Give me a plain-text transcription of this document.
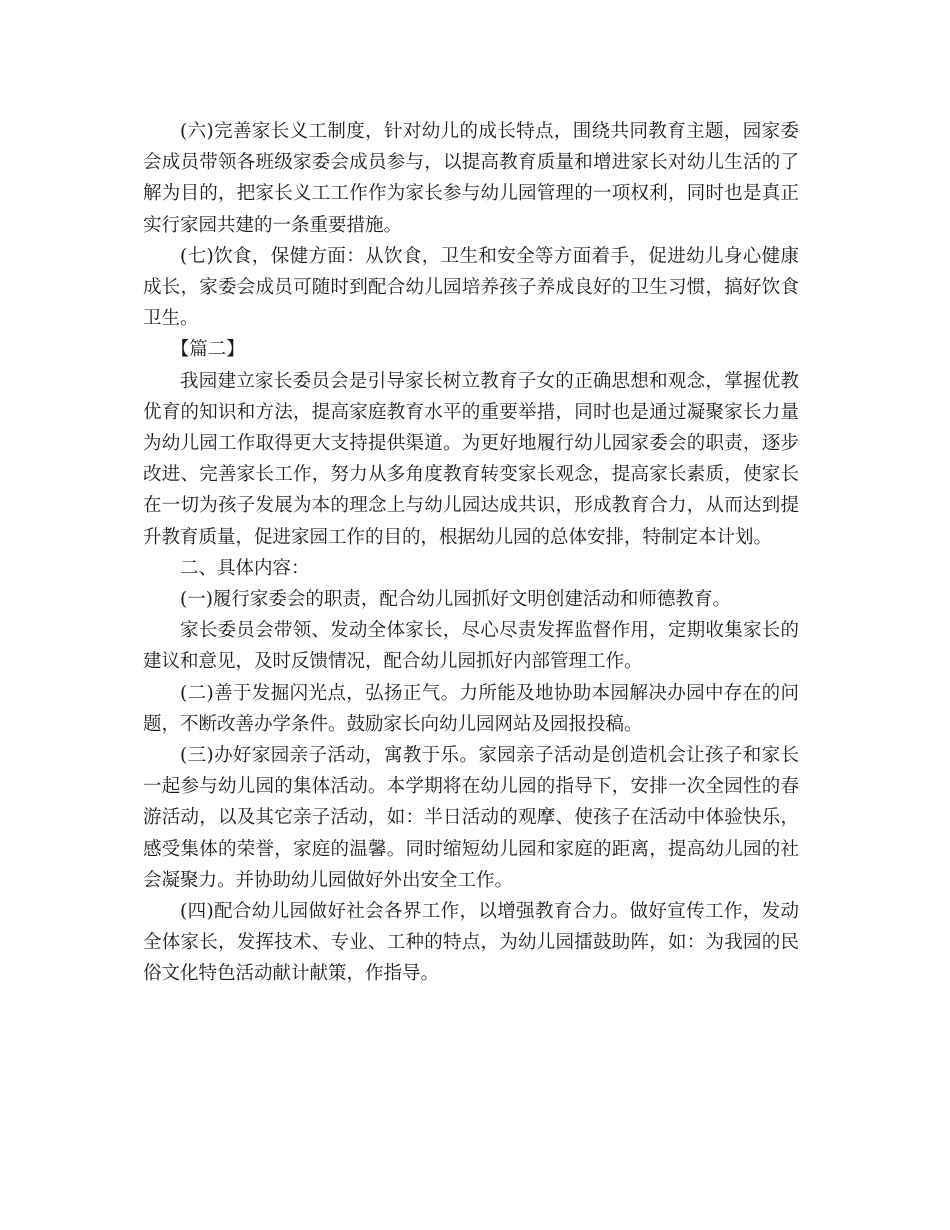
(六)完善家长义工制度，针对幼儿的成长特点，围绕共同教育主题，园家委会成员带领各班级家委会成员参与，以提高教育质量和增进家长对幼儿生活的了解为目的，把家长义工工作作为家长参与幼儿园管理的一项权利，同时也是真正实行家园共建的一条重要措施。

(七)饮食，保健方面：从饮食，卫生和安全等方面着手，促进幼儿身心健康成长，家委会成员可随时到配合幼儿园培养孩子养成良好的卫生习惯，搞好饮食卫生。

【篇二】

我园建立家长委员会是引导家长树立教育子女的正确思想和观念，掌握优教优育的知识和方法，提高家庭教育水平的重要举措，同时也是通过凝聚家长力量为幼儿园工作取得更大支持提供渠道。为更好地履行幼儿园家委会的职责，逐步改进、完善家长工作，努力从多角度教育转变家长观念，提高家长素质，使家长在一切为孩子发展为本的理念上与幼儿园达成共识，形成教育合力，从而达到提升教育质量，促进家园工作的目的，根据幼儿园的总体安排，特制定本计划。

二、具体内容：

(一)履行家委会的职责，配合幼儿园抓好文明创建活动和师德教育。

家长委员会带领、发动全体家长，尽心尽责发挥监督作用，定期收集家长的建议和意见，及时反馈情况，配合幼儿园抓好内部管理工作。

(二)善于发掘闪光点，弘扬正气。力所能及地协助本园解决办园中存在的问题，不断改善办学条件。鼓励家长向幼儿园网站及园报投稿。

(三)办好家园亲子活动，寓教于乐。家园亲子活动是创造机会让孩子和家长一起参与幼儿园的集体活动。本学期将在幼儿园的指导下，安排一次全园性的春游活动，以及其它亲子活动，如：半日活动的观摩、使孩子在活动中体验快乐，感受集体的荣誉，家庭的温馨。同时缩短幼儿园和家庭的距离，提高幼儿园的社会凝聚力。并协助幼儿园做好外出安全工作。

(四)配合幼儿园做好社会各界工作，以增强教育合力。做好宣传工作，发动全体家长，发挥技术、专业、工种的特点，为幼儿园擂鼓助阵，如：为我园的民俗文化特色活动献计献策，作指导。
